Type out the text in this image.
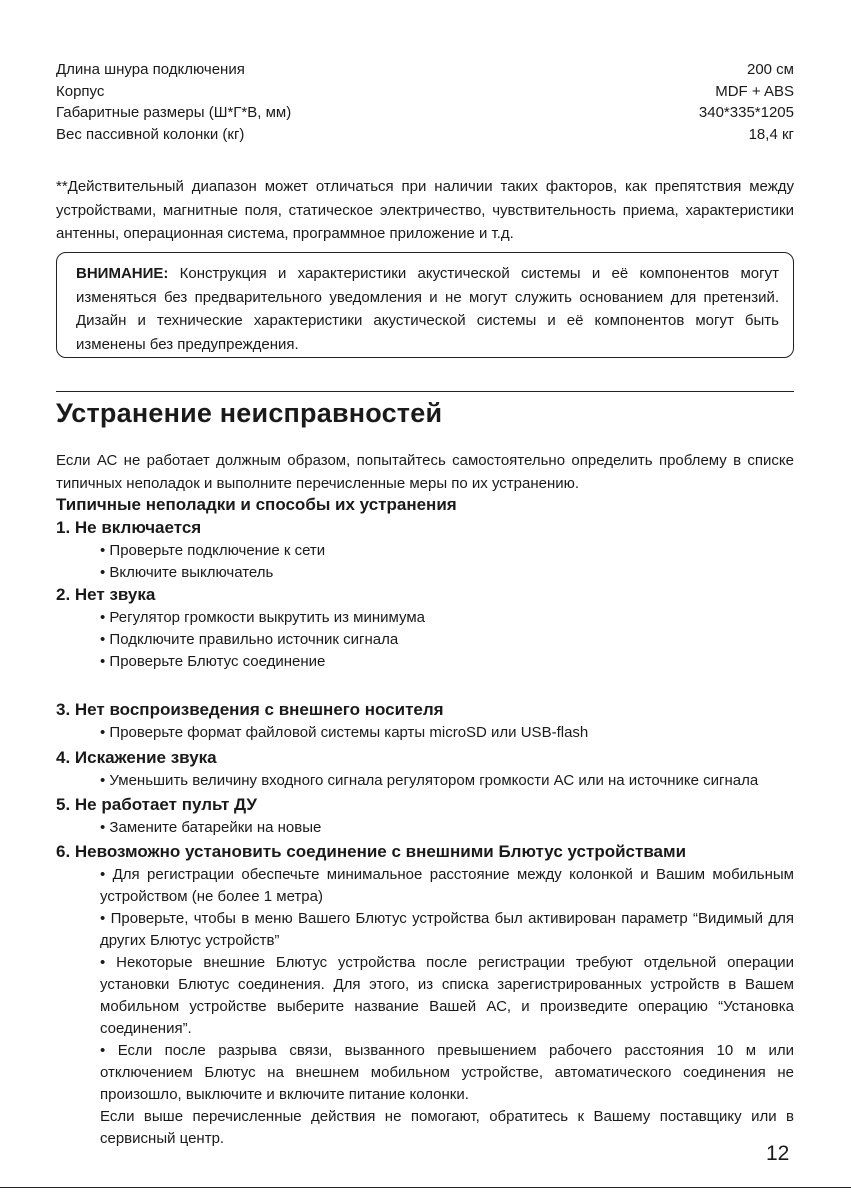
Длина шнура подключения	200 см
Корпус	MDF + ABS
Габаритные размеры (Ш*Г*В, мм)	340*335*1205
Вес пассивной колонки (кг)	18,4 кг

**Действительный диапазон может отличаться при наличии таких факторов, как препятствия между устройствами, магнитные поля, статическое электричество, чувствительность приема, характеристики антенны, операционная система, программное приложение и т.д.

ВНИМАНИЕ: Конструкция и характеристики акустической системы и её компонентов могут изменяться без предварительного уведомления и не могут служить основанием для претензий. Дизайн и технические характеристики акустической системы и её компонентов могут быть изменены без предупреждения.

Устранение неисправностей

Если АС не работает должным образом, попытайтесь самостоятельно определить проблему в списке типичных неполадок и выполните перечисленные меры по их устранению.

Типичные неполадки и способы их устранения
1. Не включается
• Проверьте подключение к сети
• Включите выключатель
2. Нет звука
• Регулятор громкости выкрутить из минимума
• Подключите правильно источник сигнала
• Проверьте Блютус соединение
3. Нет воспроизведения с внешнего носителя
• Проверьте формат файловой системы карты microSD или USB-flash
4. Искажение звука
• Уменьшить величину входного сигнала регулятором громкости АС или на источнике сигнала
5. Не работает пульт ДУ
• Замените батарейки на новые
6. Невозможно установить соединение с внешними Блютус устройствами
• Для регистрации обеспечьте минимальное расстояние между колонкой и Вашим мобильным устройством (не более 1 метра)
• Проверьте, чтобы в меню Вашего Блютус устройства был активирован параметр “Видимый для других Блютус устройств”
• Некоторые внешние Блютус устройства после регистрации требуют отдельной операции установки Блютус соединения. Для этого, из списка зарегистрированных устройств в Вашем мобильном устройстве выберите название Вашей АС, и произведите операцию “Установка соединения”.
• Если после разрыва связи, вызванного превышением рабочего расстояния 10 м или отключением Блютус на внешнем мобильном устройстве, автоматического соединения не произошло, выключите и включите питание колонки.
Если выше перечисленные действия не помогают, обратитесь к Вашему поставщику или в сервисный центр.
12
